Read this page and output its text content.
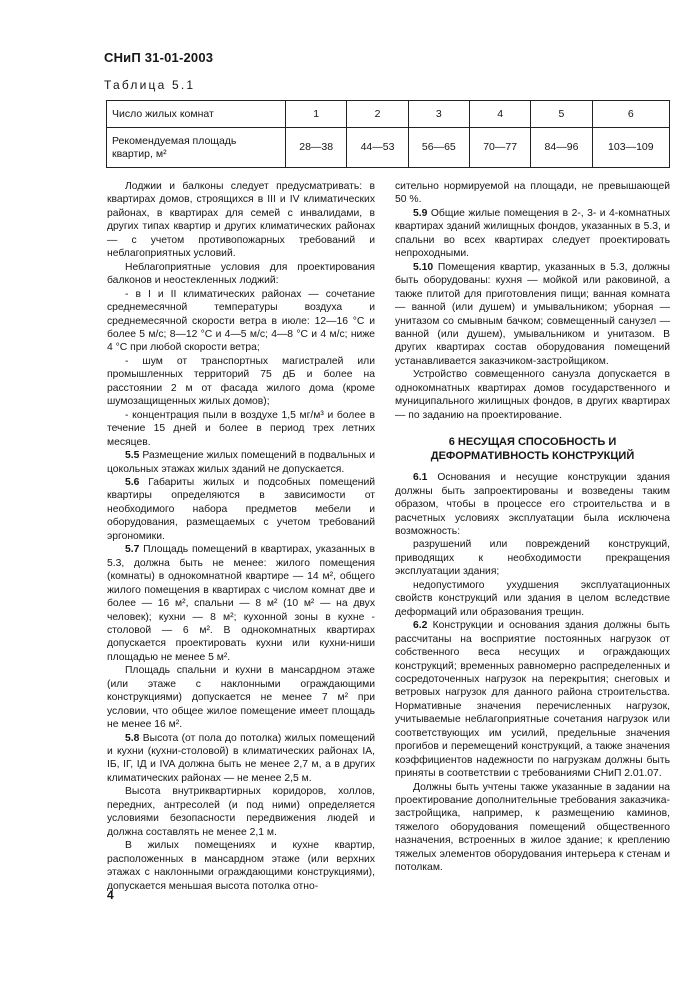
СНиП 31-01-2003
Таблица 5.1
Число жилых комнат	1	2	3	4	5	6
Рекомендуемая площадь квартир, м²	28—38	44—53	56—65	70—77	84—96	103—109

Лоджии и балконы следует предусматривать: в квартирах домов, строящихся в III и IV климатических районах, в квартирах для семей с инвалидами, в других типах квартир и других климатических районах — с учетом противопожарных требований и неблагоприятных условий.

Неблагоприятные условия для проектирования балконов и неостекленных лоджий:

- в I и II климатических районах — сочетание среднемесячной температуры воздуха и среднемесячной скорости ветра в июле: 12—16 °С и более 5 м/с; 8—12 °С и 4—5 м/с; 4—8 °С и 4 м/с; ниже 4 °С при любой скорости ветра;

- шум от транспортных магистралей или промышленных территорий 75 дБ и более на расстоянии 2 м от фасада жилого дома (кроме шумозащищенных жилых домов);

- концентрация пыли в воздухе 1,5 мг/м³ и более в течение 15 дней и более в период трех летних месяцев.

5.5 Размещение жилых помещений в подвальных и цокольных этажах жилых зданий не допускается.

5.6 Габариты жилых и подсобных помещений квартиры определяются в зависимости от необходимого набора предметов мебели и оборудования, размещаемых с учетом требований эргономики.

5.7 Площадь помещений в квартирах, указанных в 5.3, должна быть не менее: жилого помещения (комнаты) в однокомнатной квартире — 14 м², общего жилого помещения в квартирах с числом комнат две и более — 16 м², спальни — 8 м² (10 м² — на двух человек); кухни — 8 м²; кухонной зоны в кухне - столовой — 6 м². В однокомнатных квартирах допускается проектировать кухни или кухни-ниши площадью не менее 5 м².

Площадь спальни и кухни в мансардном этаже (или этаже с наклонными ограждающими конструкциями) допускается не менее 7 м² при условии, что общее жилое помещение имеет площадь не менее 16 м².

5.8 Высота (от пола до потолка) жилых помещений и кухни (кухни-столовой) в климатических районах IA, IБ, IГ, IД и IVA должна быть не менее 2,7 м, а в других климатических районах — не менее 2,5 м.

Высота внутриквартирных коридоров, холлов, передних, антресолей (и под ними) определяется условиями безопасности передвижения людей и должна составлять не менее 2,1 м.

В жилых помещениях и кухне квартир, расположенных в мансардном этаже (или верхних этажах с наклонными ограждающими конструкциями), допускается меньшая высота потолка отно-

сительно нормируемой на площади, не превышающей 50 %.

5.9 Общие жилые помещения в 2-, 3- и 4-комнатных квартирах зданий жилищных фондов, указанных в 5.3, и спальни во всех квартирах следует проектировать непроходными.

5.10 Помещения квартир, указанных в 5.3, должны быть оборудованы: кухня — мойкой или раковиной, а также плитой для приготовления пищи; ванная комната — ванной (или душем) и умывальником; уборная — унитазом со смывным бачком; совмещенный санузел — ванной (или душем), умывальником и унитазом. В других квартирах состав оборудования помещений устанавливается заказчиком-застройщиком.

Устройство совмещенного санузла допускается в однокомнатных квартирах домов государственного и муниципального жилищных фондов, в других квартирах — по заданию на проектирование.

6 НЕСУЩАЯ СПОСОБНОСТЬ И ДЕФОРМАТИВНОСТЬ КОНСТРУКЦИЙ

6.1 Основания и несущие конструкции здания должны быть запроектированы и возведены таким образом, чтобы в процессе его строительства и в расчетных условиях эксплуатации была исключена возможность:

разрушений или повреждений конструкций, приводящих к необходимости прекращения эксплуатации здания;

недопустимого ухудшения эксплуатационных свойств конструкций или здания в целом вследствие деформаций или образования трещин.

6.2 Конструкции и основания здания должны быть рассчитаны на восприятие постоянных нагрузок от собственного веса несущих и ограждающих конструкций; временных равномерно распределенных и сосредоточенных нагрузок на перекрытия; снеговых и ветровых нагрузок для данного района строительства. Нормативные значения перечисленных нагрузок, учитываемые неблагоприятные сочетания нагрузок или соответствующих им усилий, предельные значения прогибов и перемещений конструкций, а также значения коэффициентов надежности по нагрузкам должны быть приняты в соответствии с требованиями СНиП 2.01.07.

Должны быть учтены также указанные в задании на проектирование дополнительные требования заказчика-застройщика, например, к размещению каминов, тяжелого оборудования помещений общественного назначения, встроенных в жилое здание; к креплению тяжелых элементов оборудования интерьера к стенам и потолкам.

4
